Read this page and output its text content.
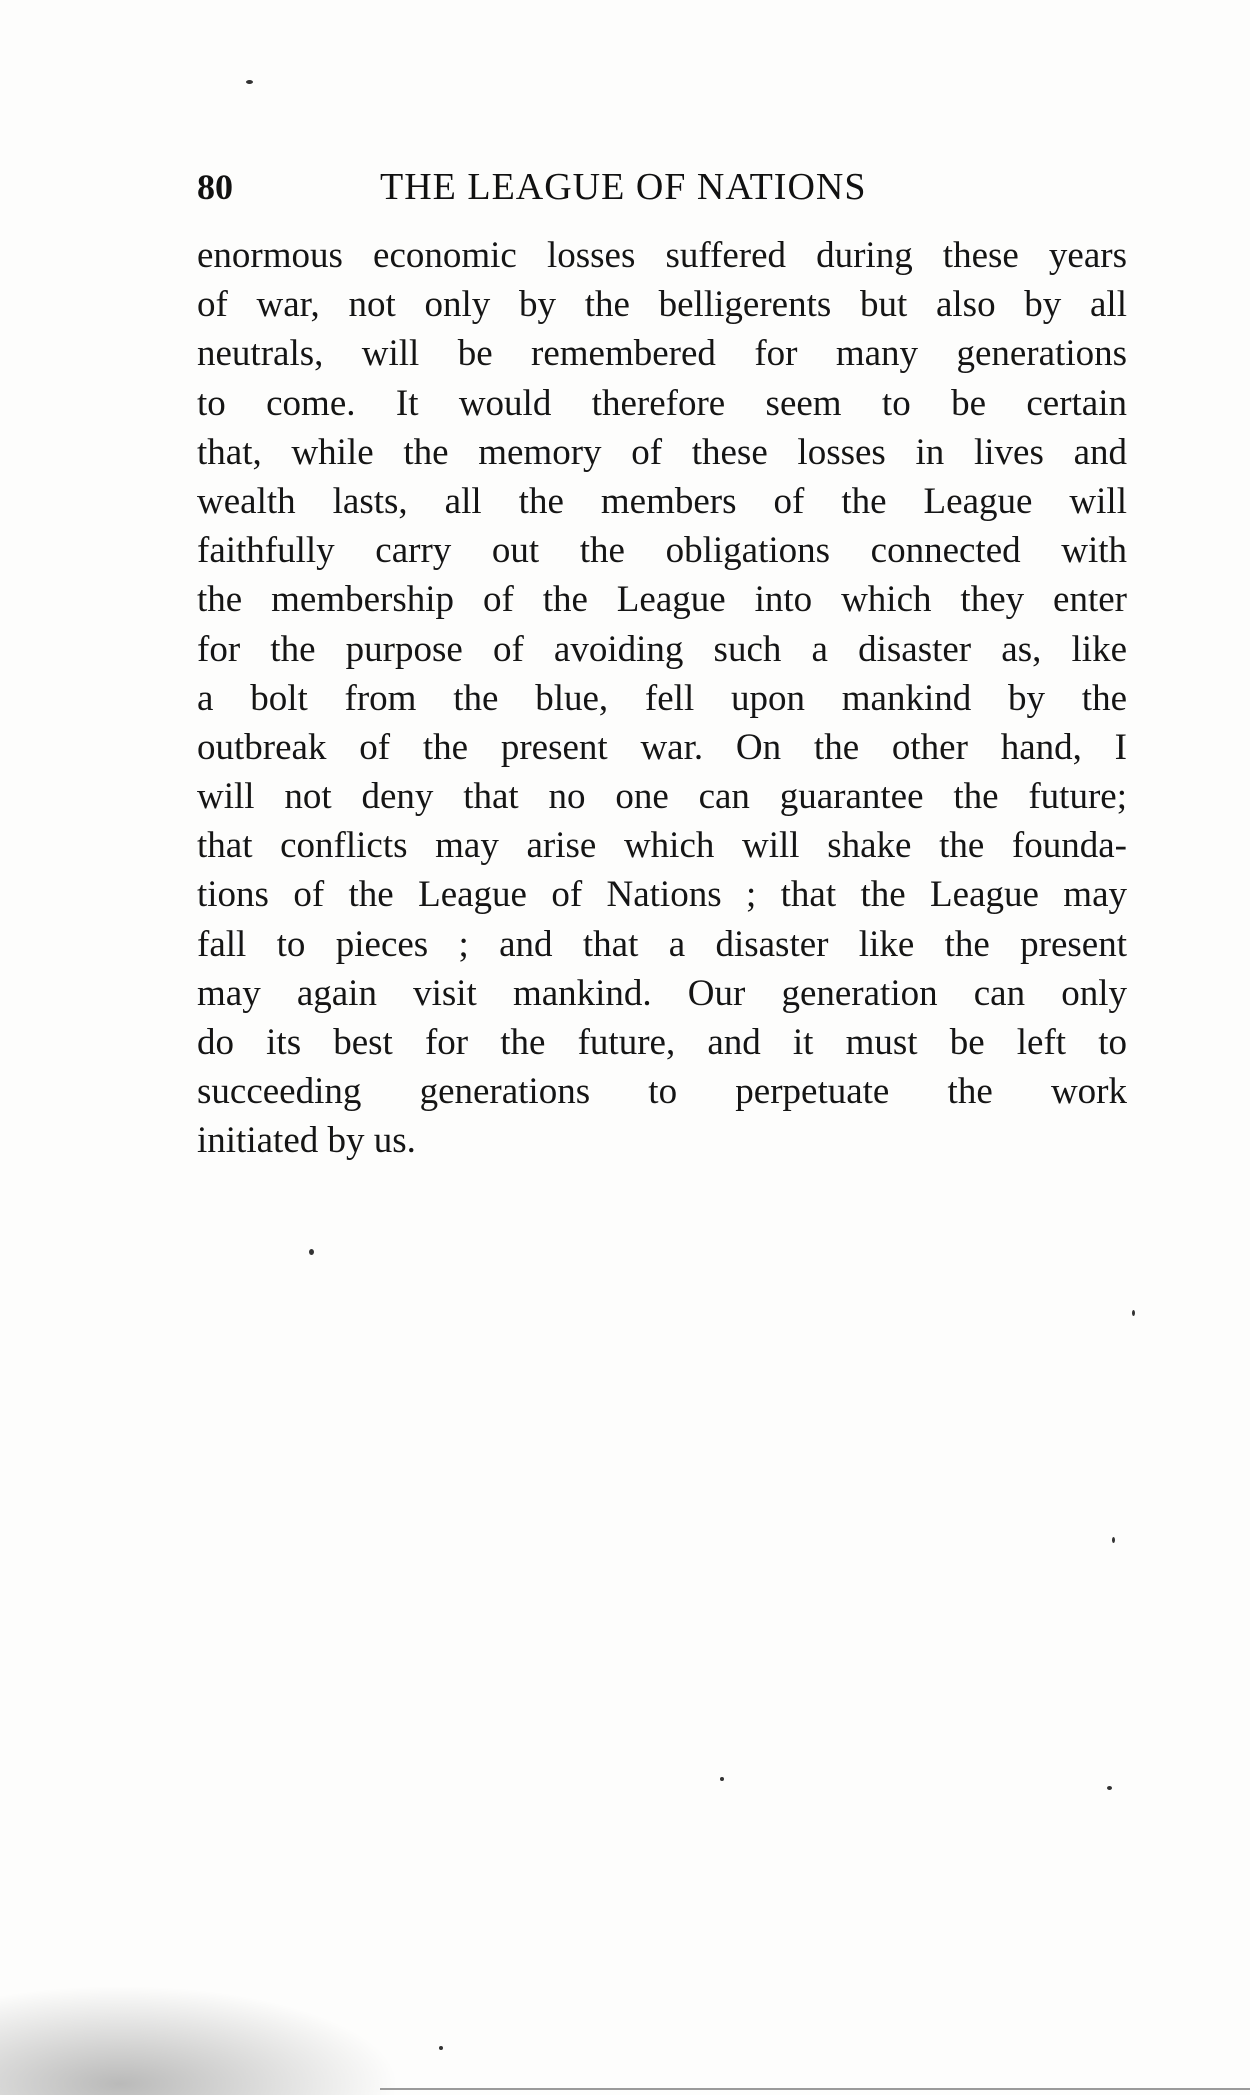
80	THE LEAGUE OF NATIONS
enormous economic losses suffered during these years
of war, not only by the belligerents but also by all
neutrals, will be remembered for many generations
to come. It would therefore seem to be certain
that, while the memory of these losses in lives and
wealth lasts, all the members of the League will
faithfully carry out the obligations connected with
the membership of the League into which they enter
for the purpose of avoiding such a disaster as, like
a bolt from the blue, fell upon mankind by the
outbreak of the present war. On the other hand, I
will not deny that no one can guarantee the future;
that conflicts may arise which will shake the founda-
tions of the League of Nations ; that the League may
fall to pieces ; and that a disaster like the present
may again visit mankind. Our generation can only
do its best for the future, and it must be left to
succeeding generations to perpetuate the work
initiated by us.
